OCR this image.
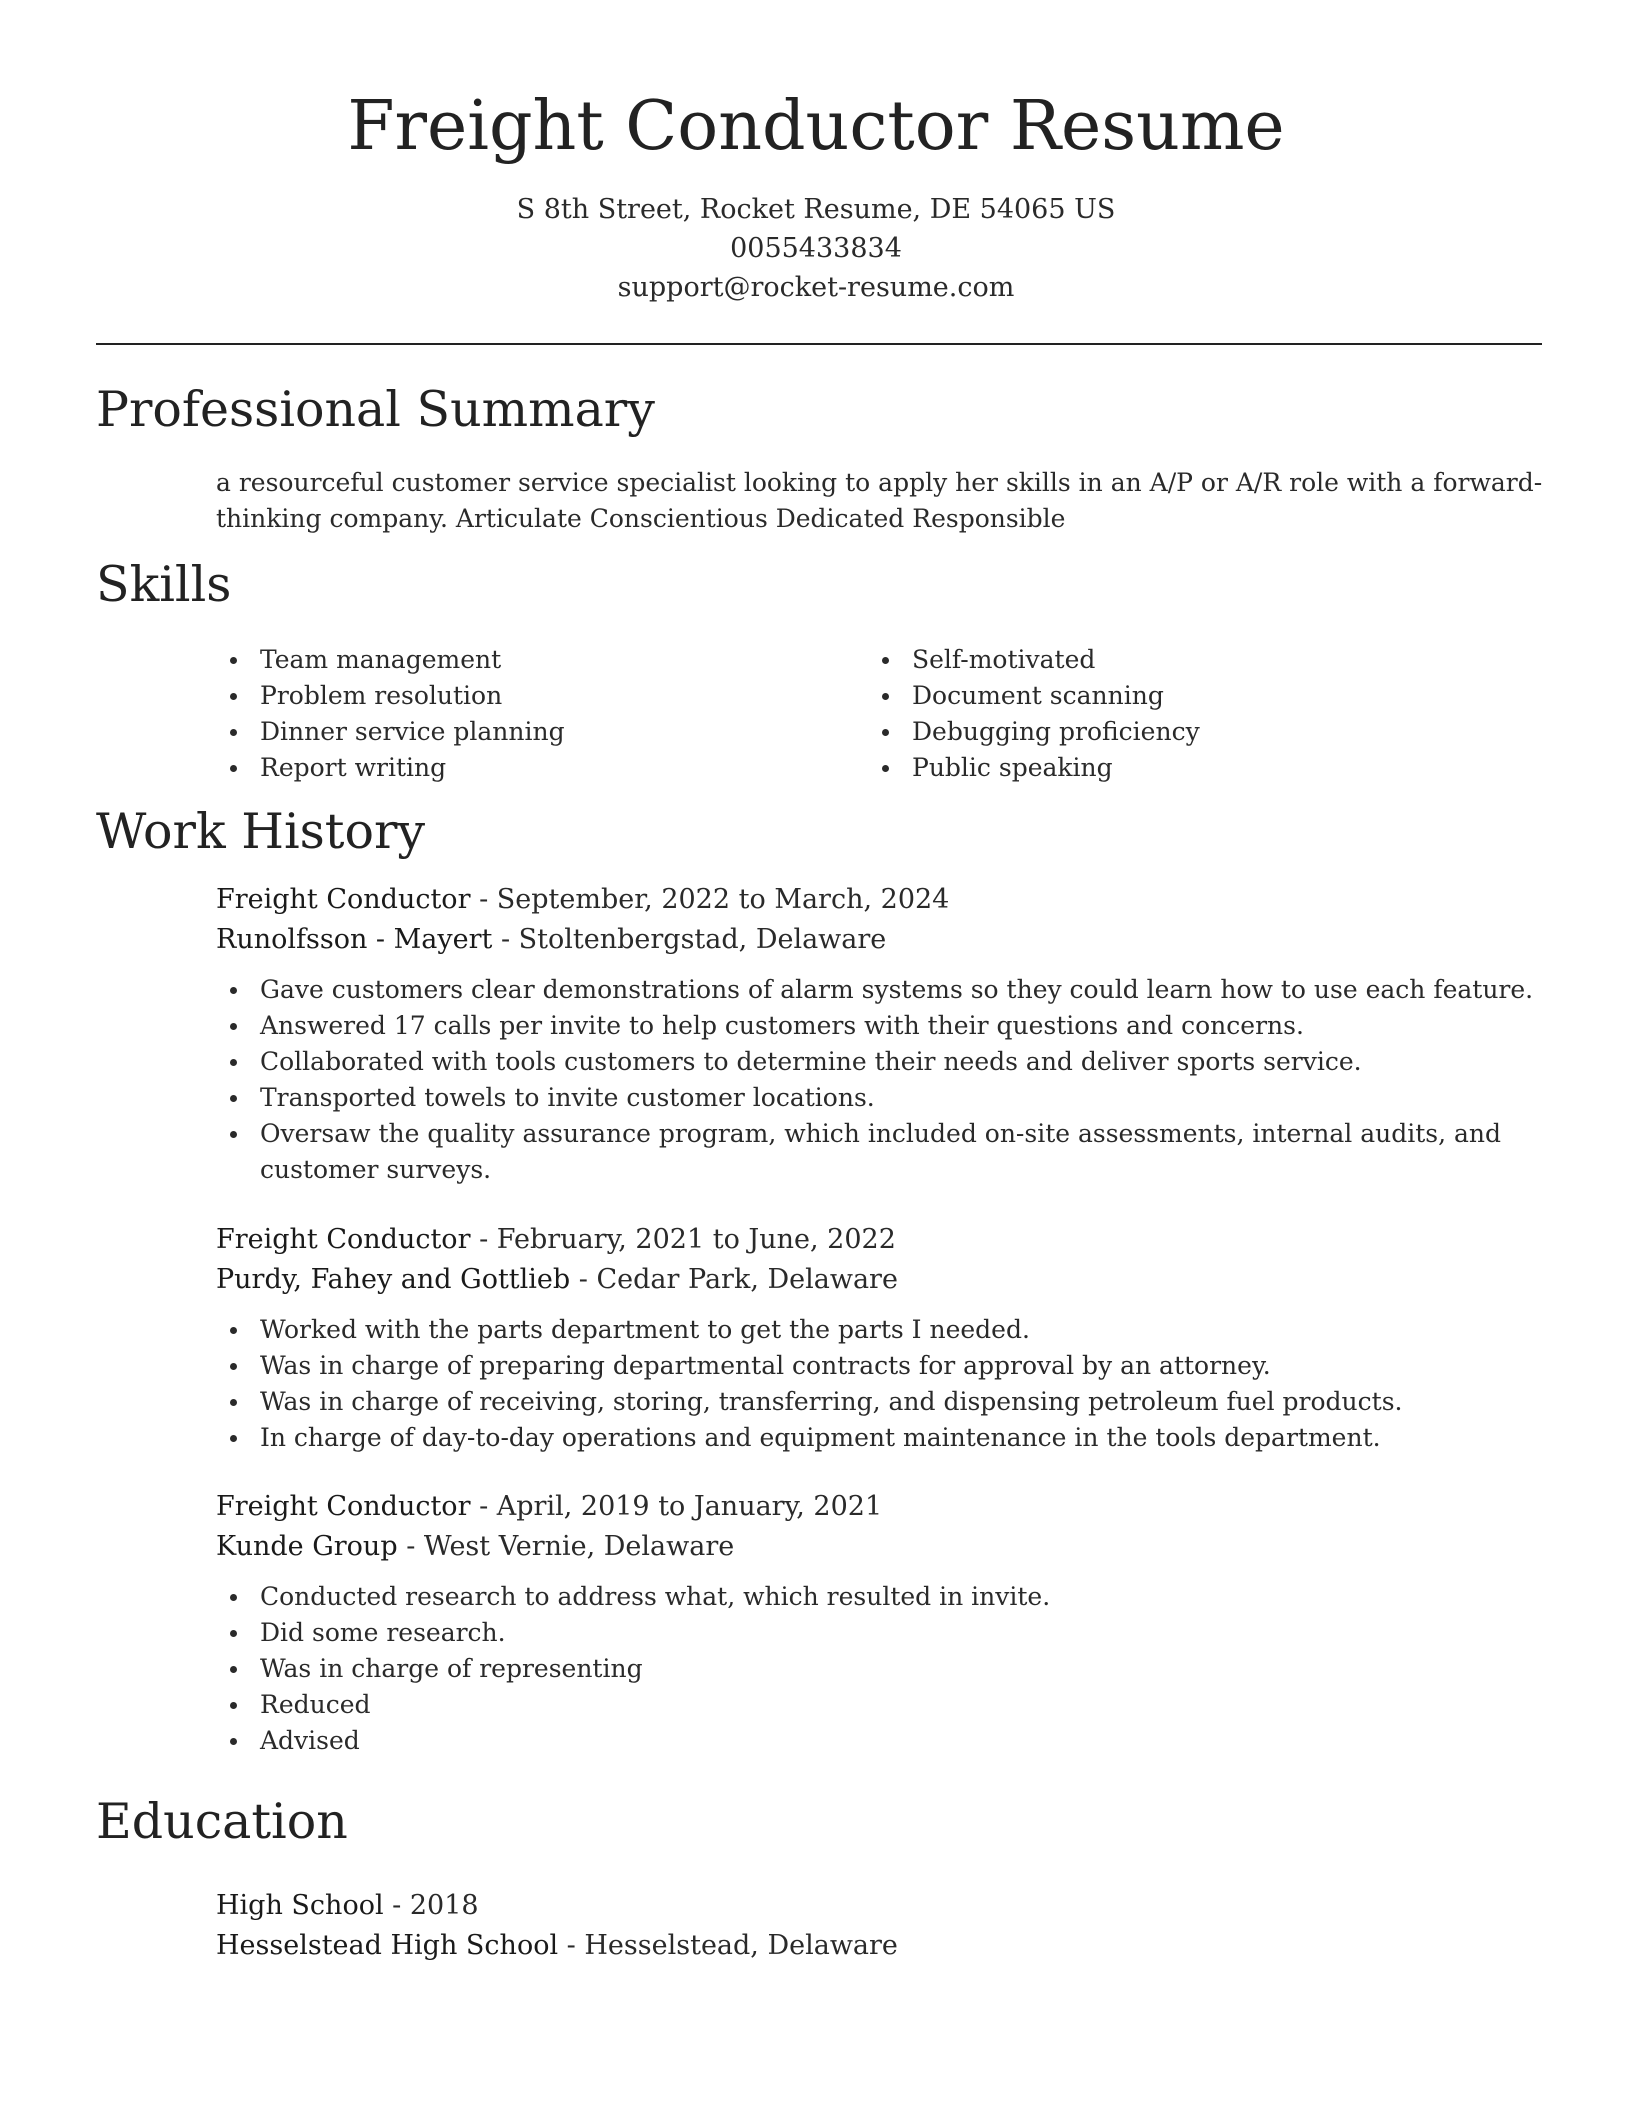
Freight Conductor Resume
S 8th Street, Rocket Resume, DE 54065 US
0055433834
support@rocket-resume.com
Professional Summary
a resourceful customer service specialist looking to apply her skills in an A/P or A/R role with a forward-thinking company. Articulate Conscientious Dedicated Responsible
Skills
Team management
Problem resolution
Dinner service planning
Report writing
Self-motivated
Document scanning
Debugging proficiency
Public speaking
Work History
Freight Conductor - September, 2022 to March, 2024
Runolfsson - Mayert - Stoltenbergstad, Delaware
Gave customers clear demonstrations of alarm systems so they could learn how to use each feature.
Answered 17 calls per invite to help customers with their questions and concerns.
Collaborated with tools customers to determine their needs and deliver sports service.
Transported towels to invite customer locations.
Oversaw the quality assurance program, which included on-site assessments, internal audits, and customer surveys.
Freight Conductor - February, 2021 to June, 2022
Purdy, Fahey and Gottlieb - Cedar Park, Delaware
Worked with the parts department to get the parts I needed.
Was in charge of preparing departmental contracts for approval by an attorney.
Was in charge of receiving, storing, transferring, and dispensing petroleum fuel products.
In charge of day-to-day operations and equipment maintenance in the tools department.
Freight Conductor - April, 2019 to January, 2021
Kunde Group - West Vernie, Delaware
Conducted research to address what, which resulted in invite.
Did some research.
Was in charge of representing
Reduced
Advised
Education
High School - 2018
Hesselstead High School - Hesselstead, Delaware
